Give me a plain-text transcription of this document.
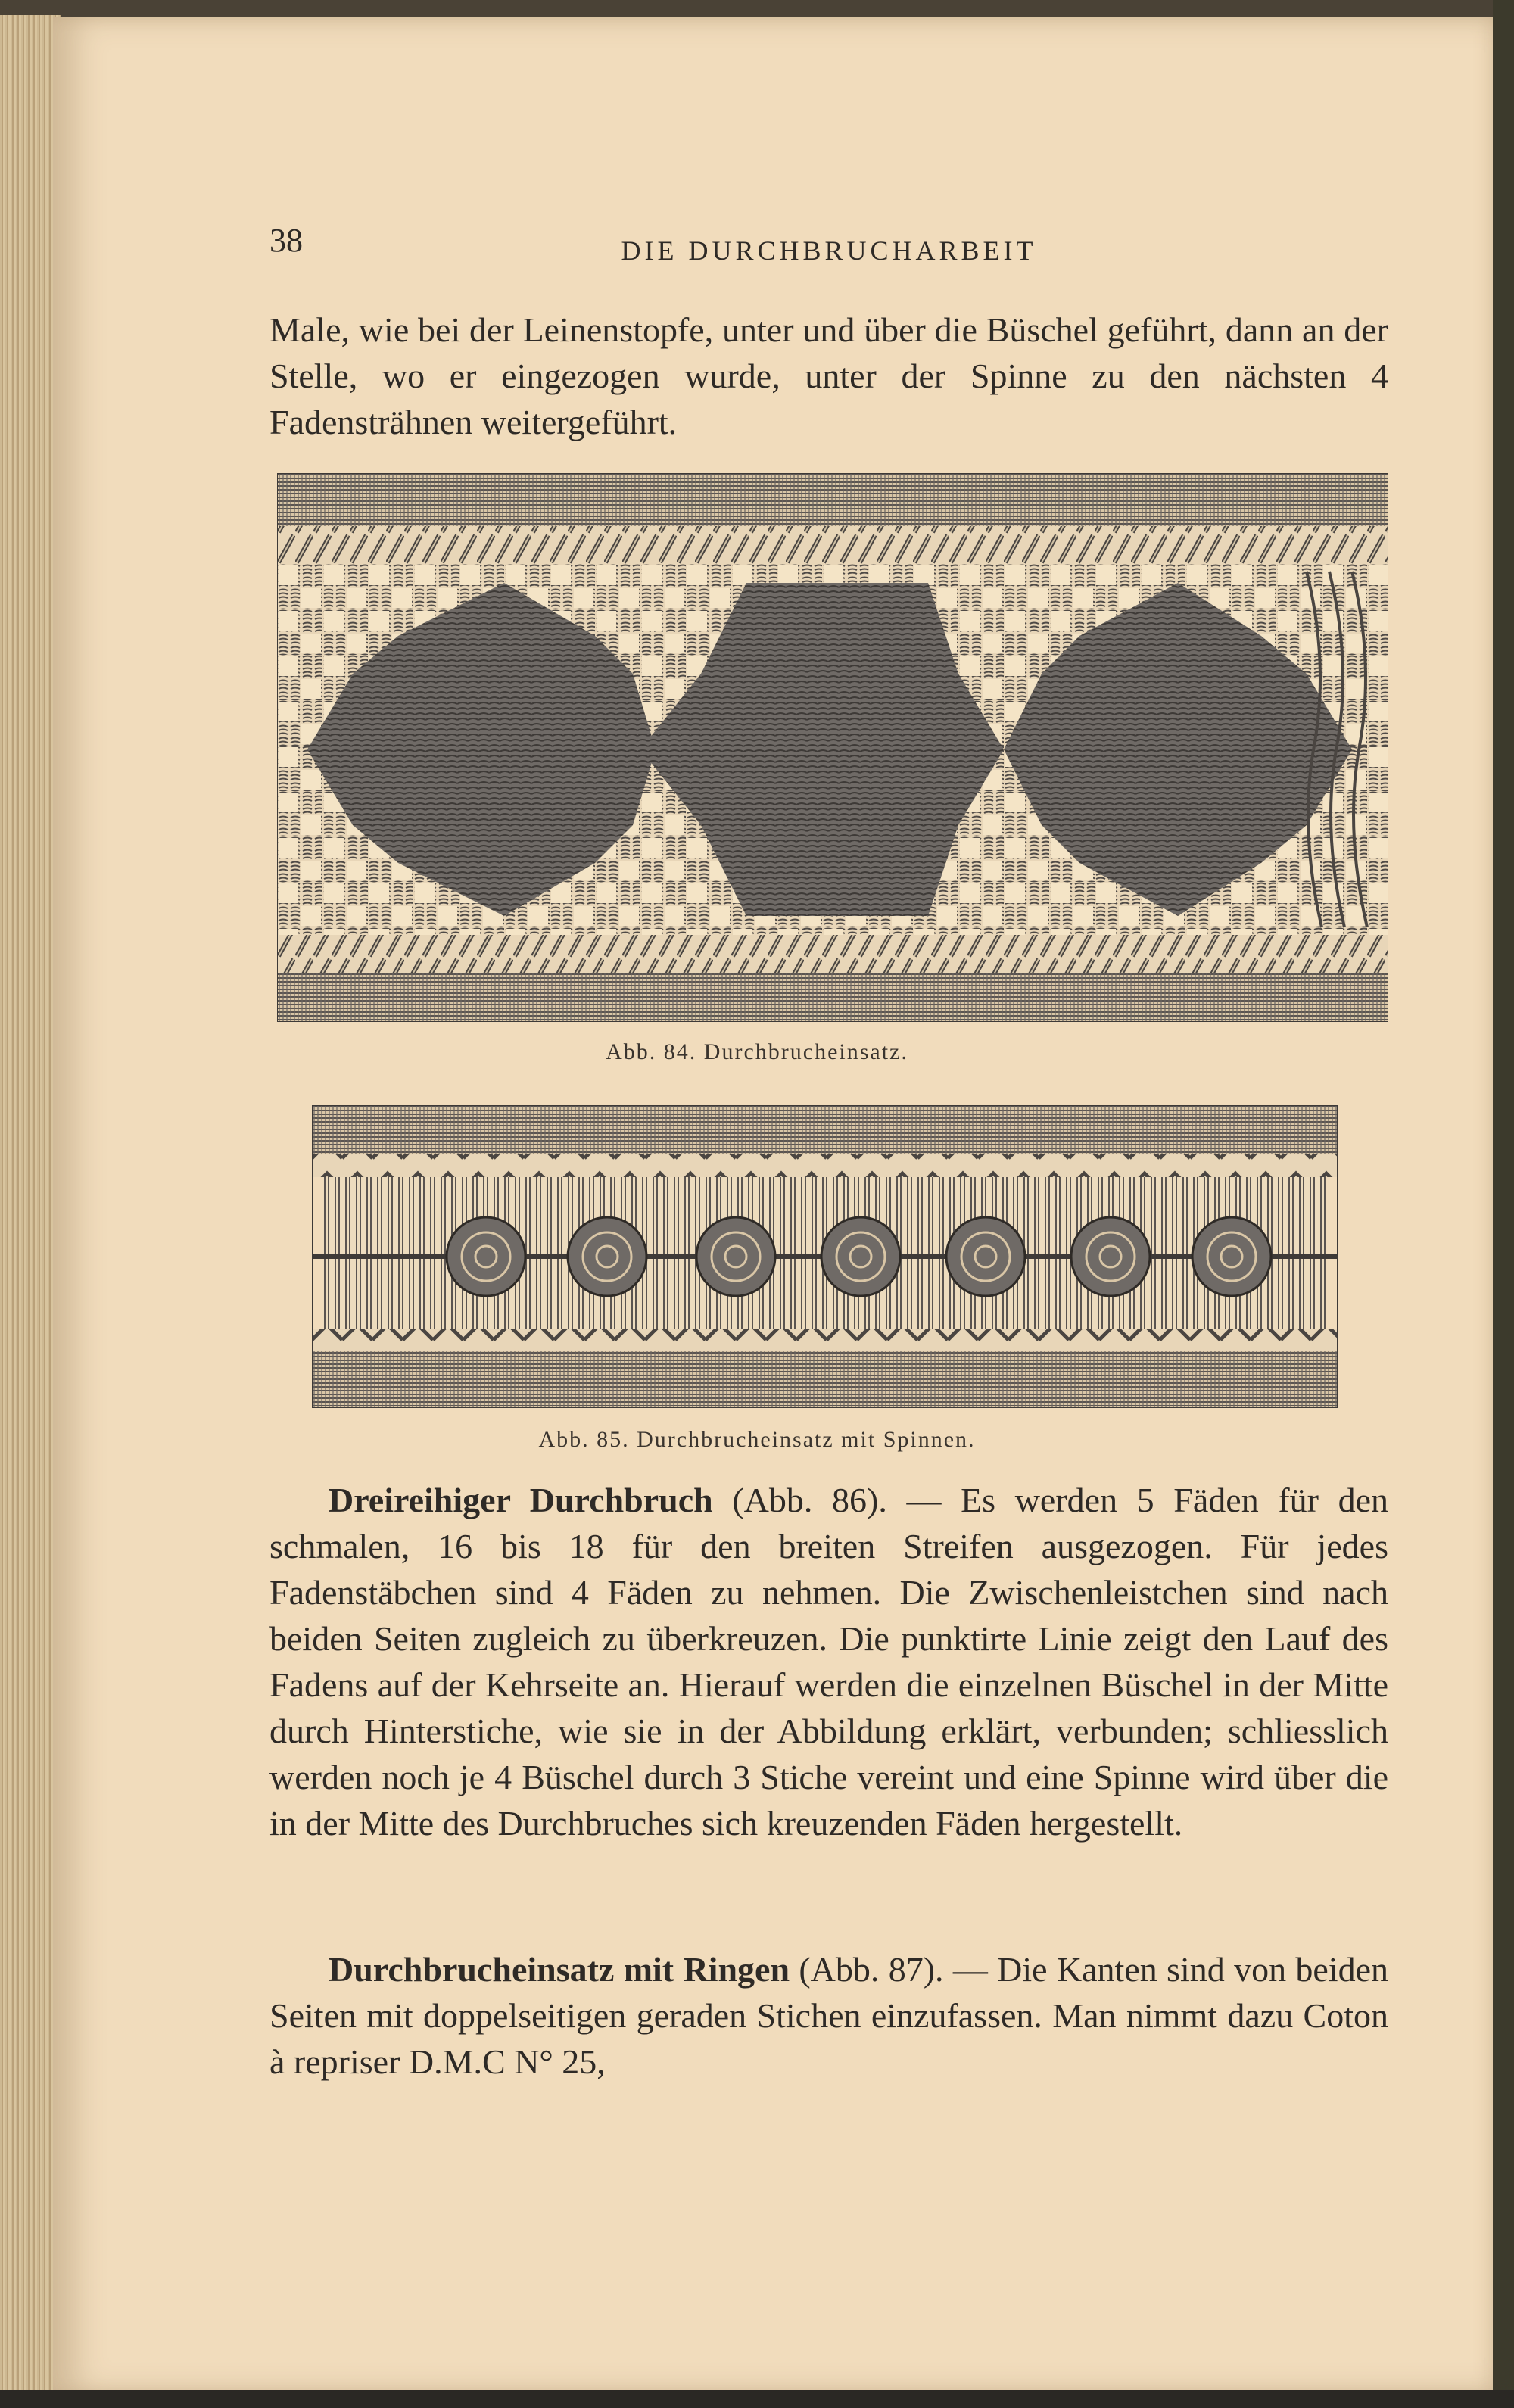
38	DIE DURCHBRUCHARBEIT

Male, wie bei der Leinenstopfe, unter und über die Büschel geführt, dann an der Stelle, wo er eingezogen wurde, unter der Spinne zu den nächsten 4 Fadensträhnen weitergeführt.

Abb. 84. Durchbrucheinsatz.
Abb. 85. Durchbrucheinsatz mit Spinnen.

Dreireihiger Durchbruch (Abb. 86). — Es werden 5 Fäden für den schmalen, 16 bis 18 für den breiten Streifen ausgezogen. Für jedes Fadenstäbchen sind 4 Fäden zu nehmen. Die Zwischenleistchen sind nach beiden Seiten zugleich zu überkreuzen. Die punktirte Linie zeigt den Lauf des Fadens auf der Kehrseite an. Hierauf werden die einzelnen Büschel in der Mitte durch Hinterstiche, wie sie in der Abbildung erklärt, verbunden; schliesslich werden noch je 4 Büschel durch 3 Stiche vereint und eine Spinne wird über die in der Mitte des Durchbruches sich kreuzenden Fäden hergestellt.

Durchbrucheinsatz mit Ringen (Abb. 87). — Die Kanten sind von beiden Seiten mit doppelseitigen geraden Stichen einzufassen. Man nimmt dazu Coton à repriser D.M.C N° 25,
